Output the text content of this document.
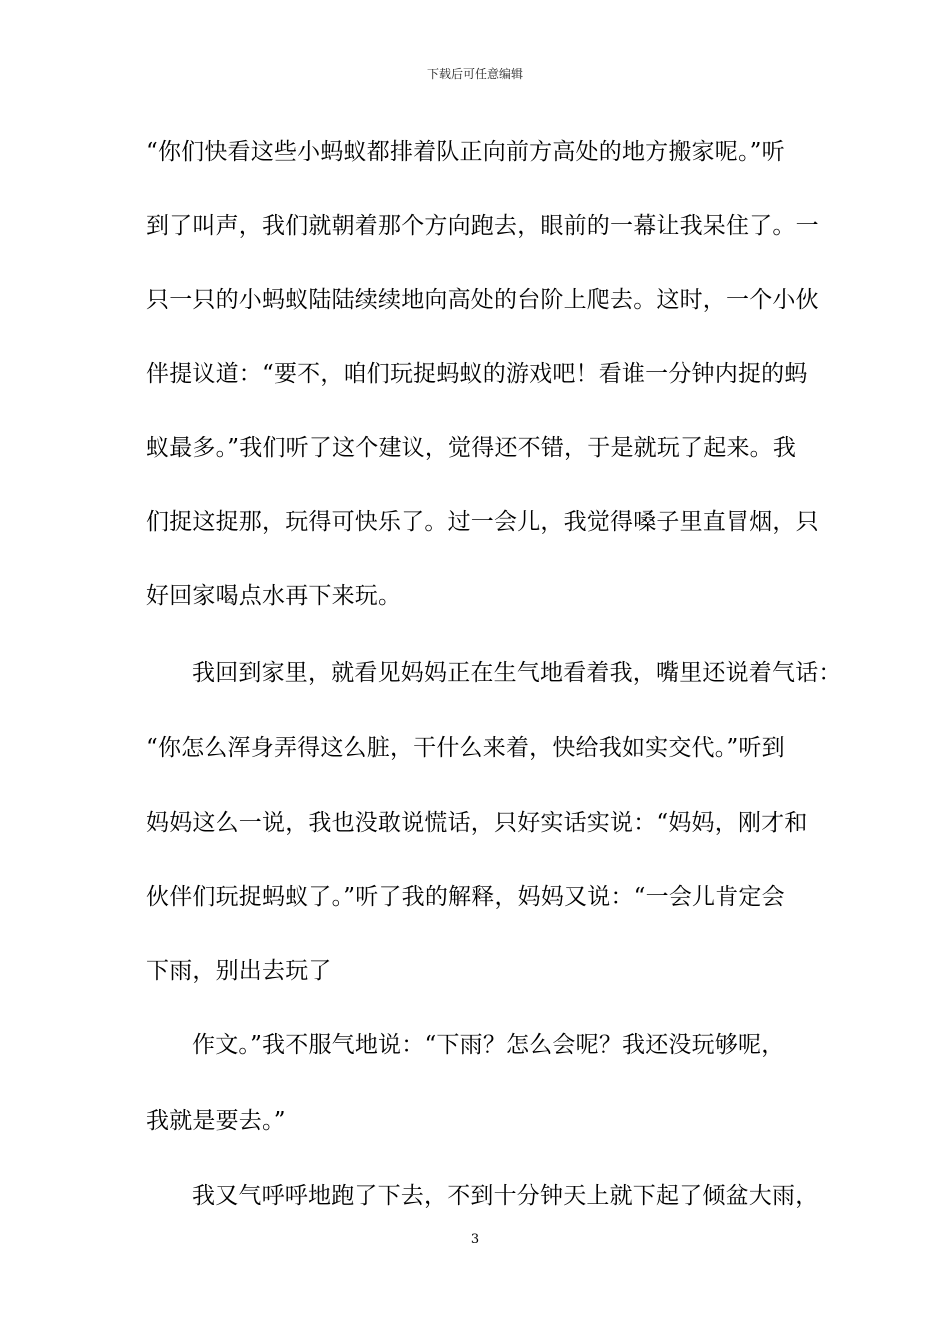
下载后可任意编辑
“你们快看这些小蚂蚁都排着队正向前方高处的地方搬家呢。”听
到了叫声，我们就朝着那个方向跑去，眼前的一幕让我呆住了。一
只一只的小蚂蚁陆陆续续地向高处的台阶上爬去。这时，一个小伙
伴提议道：“要不，咱们玩捉蚂蚁的游戏吧！看谁一分钟内捉的蚂
蚁最多。”我们听了这个建议，觉得还不错，于是就玩了起来。我
们捉这捉那，玩得可快乐了。过一会儿，我觉得嗓子里直冒烟，只
好回家喝点水再下来玩。
我回到家里，就看见妈妈正在生气地看着我，嘴里还说着气话：
“你怎么浑身弄得这么脏，干什么来着，快给我如实交代。”听到
妈妈这么一说，我也没敢说慌话，只好实话实说：“妈妈，刚才和
伙伴们玩捉蚂蚁了。”听了我的解释，妈妈又说：“一会儿肯定会
下雨，别出去玩了
作文。”我不服气地说：“下雨？怎么会呢？我还没玩够呢，
我就是要去。”
我又气呼呼地跑了下去，不到十分钟天上就下起了倾盆大雨，
3
